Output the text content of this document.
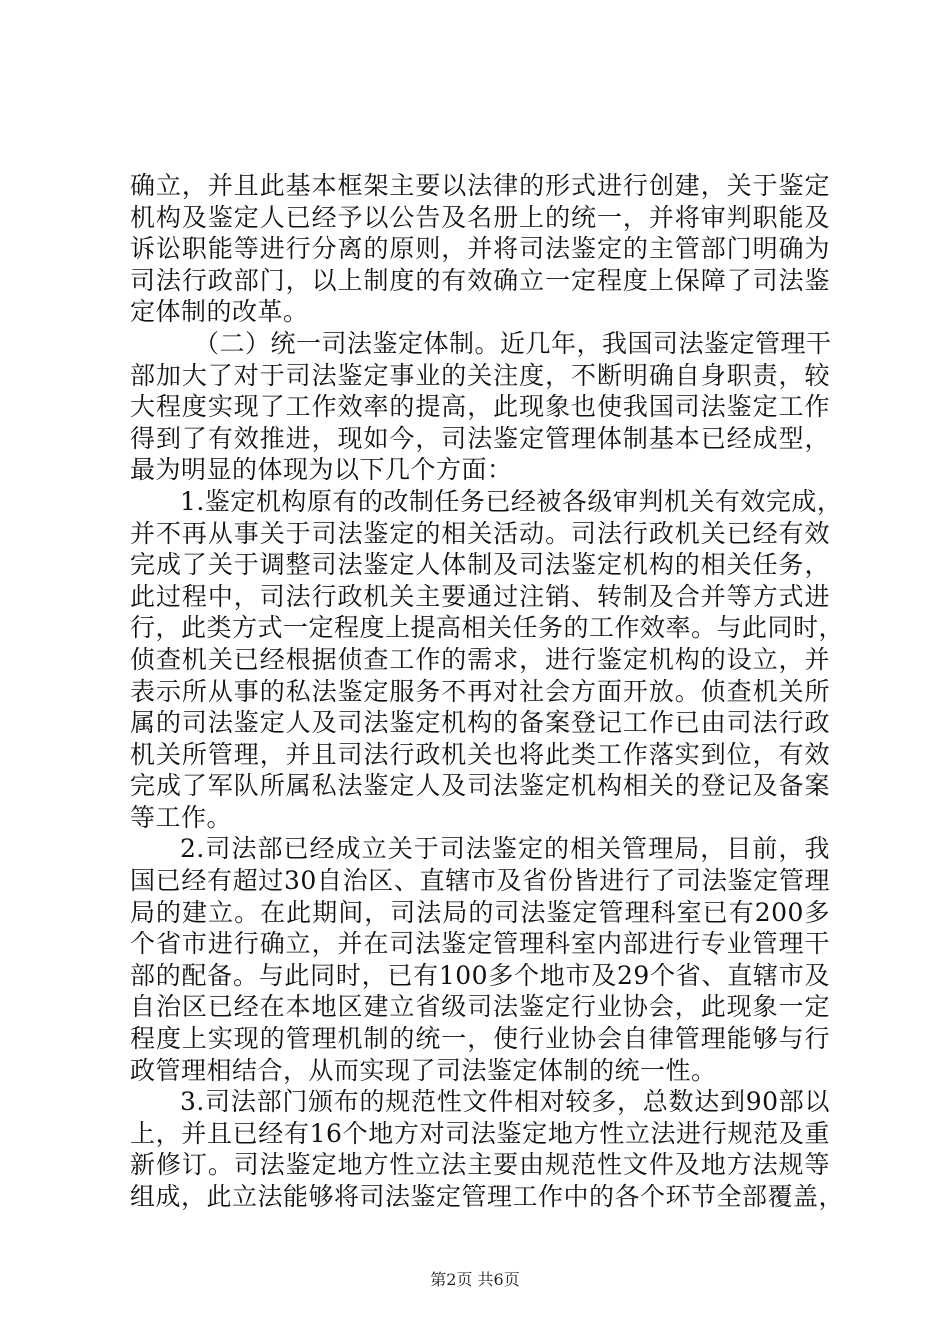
确立，并且此基本框架主要以法律的形式进行创建，关于鉴定
机构及鉴定人已经予以公告及名册上的统一，并将审判职能及
诉讼职能等进行分离的原则，并将司法鉴定的主管部门明确为
司法行政部门，以上制度的有效确立一定程度上保障了司法鉴
定体制的改革。
（二）统一司法鉴定体制。近几年，我国司法鉴定管理干
部加大了对于司法鉴定事业的关注度，不断明确自身职责，较
大程度实现了工作效率的提高，此现象也使我国司法鉴定工作
得到了有效推进，现如今，司法鉴定管理体制基本已经成型，
最为明显的体现为以下几个方面：
1.鉴定机构原有的改制任务已经被各级审判机关有效完成，
并不再从事关于司法鉴定的相关活动。司法行政机关已经有效
完成了关于调整司法鉴定人体制及司法鉴定机构的相关任务，
此过程中，司法行政机关主要通过注销、转制及合并等方式进
行，此类方式一定程度上提高相关任务的工作效率。与此同时，
侦查机关已经根据侦查工作的需求，进行鉴定机构的设立，并
表示所从事的私法鉴定服务不再对社会方面开放。侦查机关所
属的司法鉴定人及司法鉴定机构的备案登记工作已由司法行政
机关所管理，并且司法行政机关也将此类工作落实到位，有效
完成了军队所属私法鉴定人及司法鉴定机构相关的登记及备案
等工作。
2.司法部已经成立关于司法鉴定的相关管理局，目前，我
国已经有超过30自治区、直辖市及省份皆进行了司法鉴定管理
局的建立。在此期间，司法局的司法鉴定管理科室已有200多
个省市进行确立，并在司法鉴定管理科室内部进行专业管理干
部的配备。与此同时，已有100多个地市及29个省、直辖市及
自治区已经在本地区建立省级司法鉴定行业协会，此现象一定
程度上实现的管理机制的统一，使行业协会自律管理能够与行
政管理相结合，从而实现了司法鉴定体制的统一性。
3.司法部门颁布的规范性文件相对较多，总数达到90部以
上，并且已经有16个地方对司法鉴定地方性立法进行规范及重
新修订。司法鉴定地方性立法主要由规范性文件及地方法规等
组成，此立法能够将司法鉴定管理工作中的各个环节全部覆盖，
第2页 共6页
